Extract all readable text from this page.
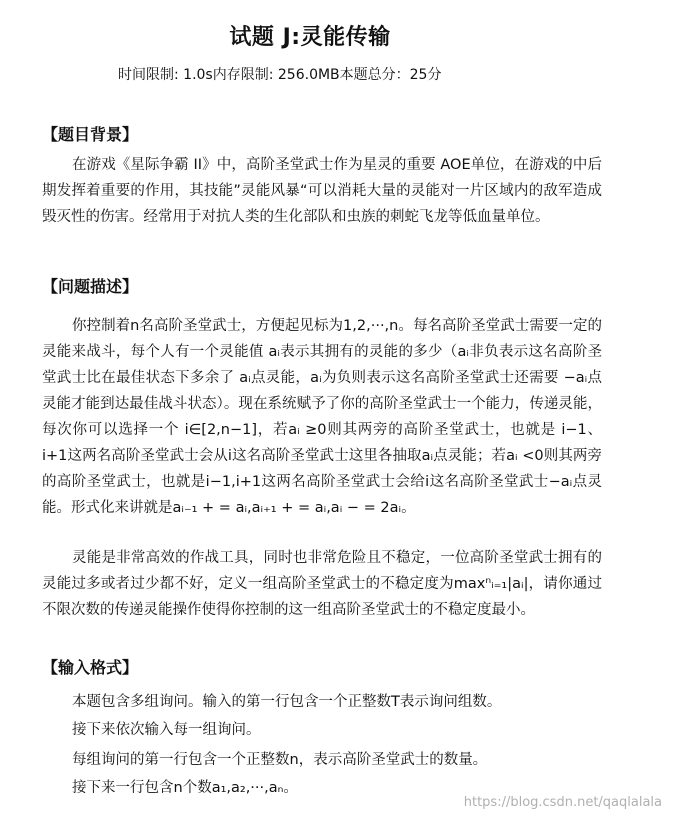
试题 J:灵能传输
时间限制: 1.0s内存限制: 256.0MB本题总分：25分
【题目背景】
在游戏《星际争霸 II》中，高阶圣堂武士作为星灵的重要 AOE单位，在游戏的中后期发挥着重要的作用，其技能”灵能风暴“可以消耗大量的灵能对一片区域内的敌军造成毁灭性的伤害。经常用于对抗人类的生化部队和虫族的刺蛇飞龙等低血量单位。
【问题描述】
你控制着n名高阶圣堂武士，方便起见标为1,2,···,n。每名高阶圣堂武士需要一定的灵能来战斗，每个人有一个灵能值 aᵢ表示其拥有的灵能的多少（aᵢ非负表示这名高阶圣堂武士比在最佳状态下多余了 aᵢ点灵能，aᵢ为负则表示这名高阶圣堂武士还需要 −aᵢ点灵能才能到达最佳战斗状态）。现在系统赋予了你的高阶圣堂武士一个能力，传递灵能，每次你可以选择一个 i∈[2,n−1]，若aᵢ ≥0则其两旁的高阶圣堂武士，也就是 i−1、i+1这两名高阶圣堂武士会从i这名高阶圣堂武士这里各抽取aᵢ点灵能；若aᵢ <0则其两旁的高阶圣堂武士，也就是i−1,i+1这两名高阶圣堂武士会给i这名高阶圣堂武士−aᵢ点灵能。形式化来讲就是aᵢ₋₁ + = aᵢ,aᵢ₊₁ + = aᵢ,aᵢ − = 2aᵢ。
灵能是非常高效的作战工具，同时也非常危险且不稳定，一位高阶圣堂武士拥有的灵能过多或者过少都不好，定义一组高阶圣堂武士的不稳定度为maxⁿᵢ₌₁|aᵢ|，请你通过不限次数的传递灵能操作使得你控制的这一组高阶圣堂武士的不稳定度最小。
【输入格式】
本题包含多组询问。输入的第一行包含一个正整数T表示询问组数。
接下来依次输入每一组询问。
每组询问的第一行包含一个正整数n，表示高阶圣堂武士的数量。
接下来一行包含n个数a₁,a₂,···,aₙ。
https://blog.csdn.net/qaqlalala
